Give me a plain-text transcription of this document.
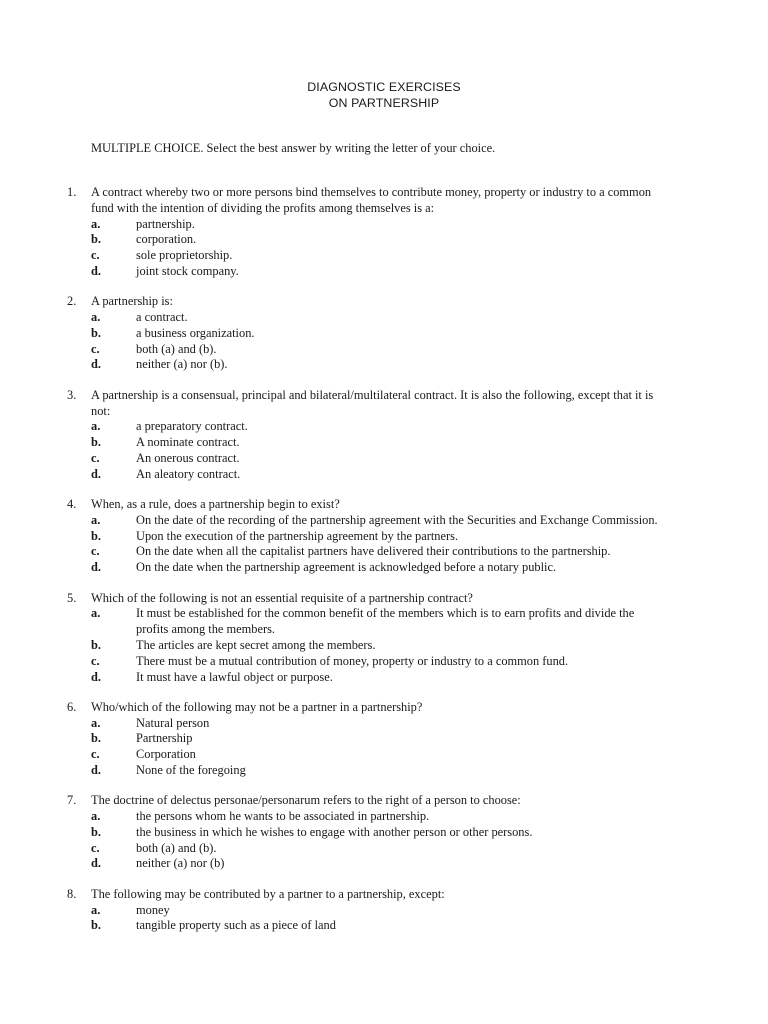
DIAGNOSTIC EXERCISES
ON PARTNERSHIP
MULTIPLE CHOICE. Select the best answer by writing the letter of your choice.
1.	A contract whereby two or more persons bind themselves to contribute money, property or industry to a common fund with the intention of dividing the profits among themselves is a:
a.	partnership.
b.	corporation.
c.	sole proprietorship.
d.	joint stock company.
2.	A partnership is:
a.	a contract.
b.	a business organization.
c.	both (a) and (b).
d.	neither (a) nor (b).
3.	A partnership is a consensual, principal and bilateral/multilateral contract. It is also the following, except that it is not:
a.	a preparatory contract.
b.	A nominate contract.
c.	An onerous contract.
d.	An aleatory contract.
4.	When, as a rule, does a partnership begin to exist?
a.	On the date of the recording of the partnership agreement with the Securities and Exchange Commission.
b.	Upon the execution of the partnership agreement by the partners.
c.	On the date when all the capitalist partners have delivered their contributions to the partnership.
d.	On the date when the partnership agreement is acknowledged before a notary public.
5.	Which of the following is not an essential requisite of a partnership contract?
a.	It must be established for the common benefit of the members which is to earn profits and divide the profits among the members.
b.	The articles are kept secret among the members.
c.	There must be a mutual contribution of money, property or industry to a common fund.
d.	It must have a lawful object or purpose.
6.	Who/which of the following may not be a partner in a partnership?
a.	Natural person
b.	Partnership
c.	Corporation
d.	None of the foregoing
7.	The doctrine of delectus personae/personarum refers to the right of a person to choose:
a.	the persons whom he wants to be associated in partnership.
b.	the business in which he wishes to engage with another person or other persons.
c.	both (a) and (b).
d.	neither (a) nor (b)
8.	The following may be contributed by a partner to a partnership, except:
a.	money
b.	tangible property such as a piece of land
